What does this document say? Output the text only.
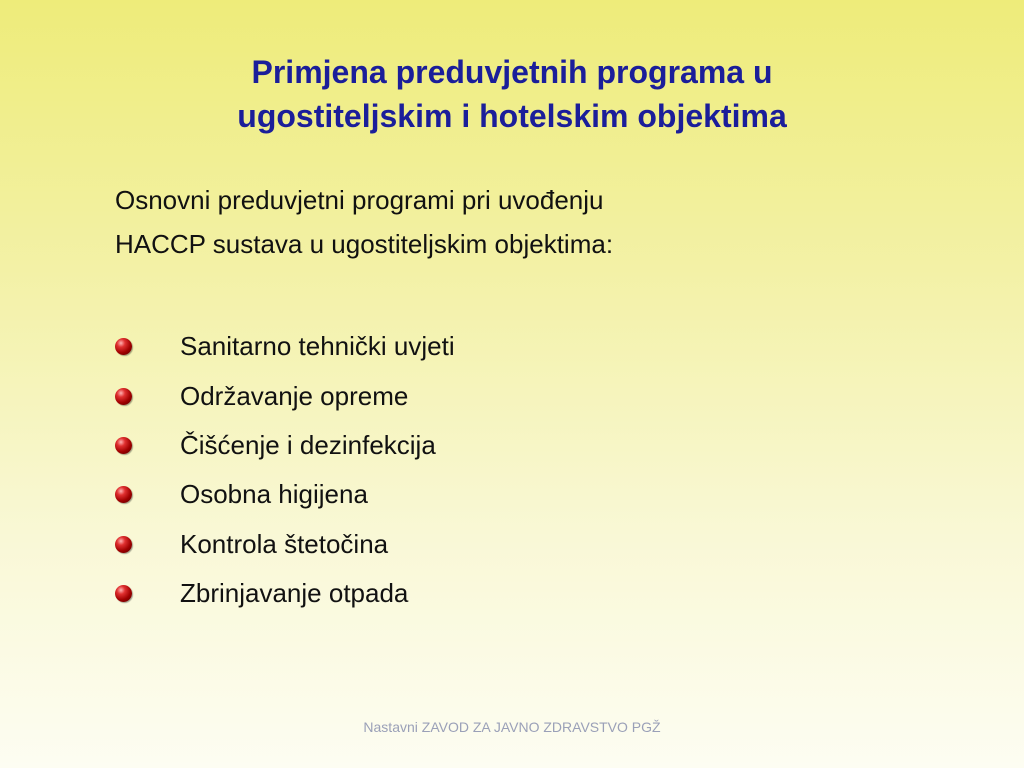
Primjena preduvjetnih programa u
ugostiteljskim i hotelskim objektima
Osnovni preduvjetni programi pri uvođenju
HACCP sustava u ugostiteljskim objektima:
Sanitarno tehnički uvjeti
Održavanje opreme
Čišćenje i dezinfekcija
Osobna higijena
Kontrola štetočina
Zbrinjavanje otpada
Nastavni ZAVOD ZA JAVNO ZDRAVSTVO PGŽ
